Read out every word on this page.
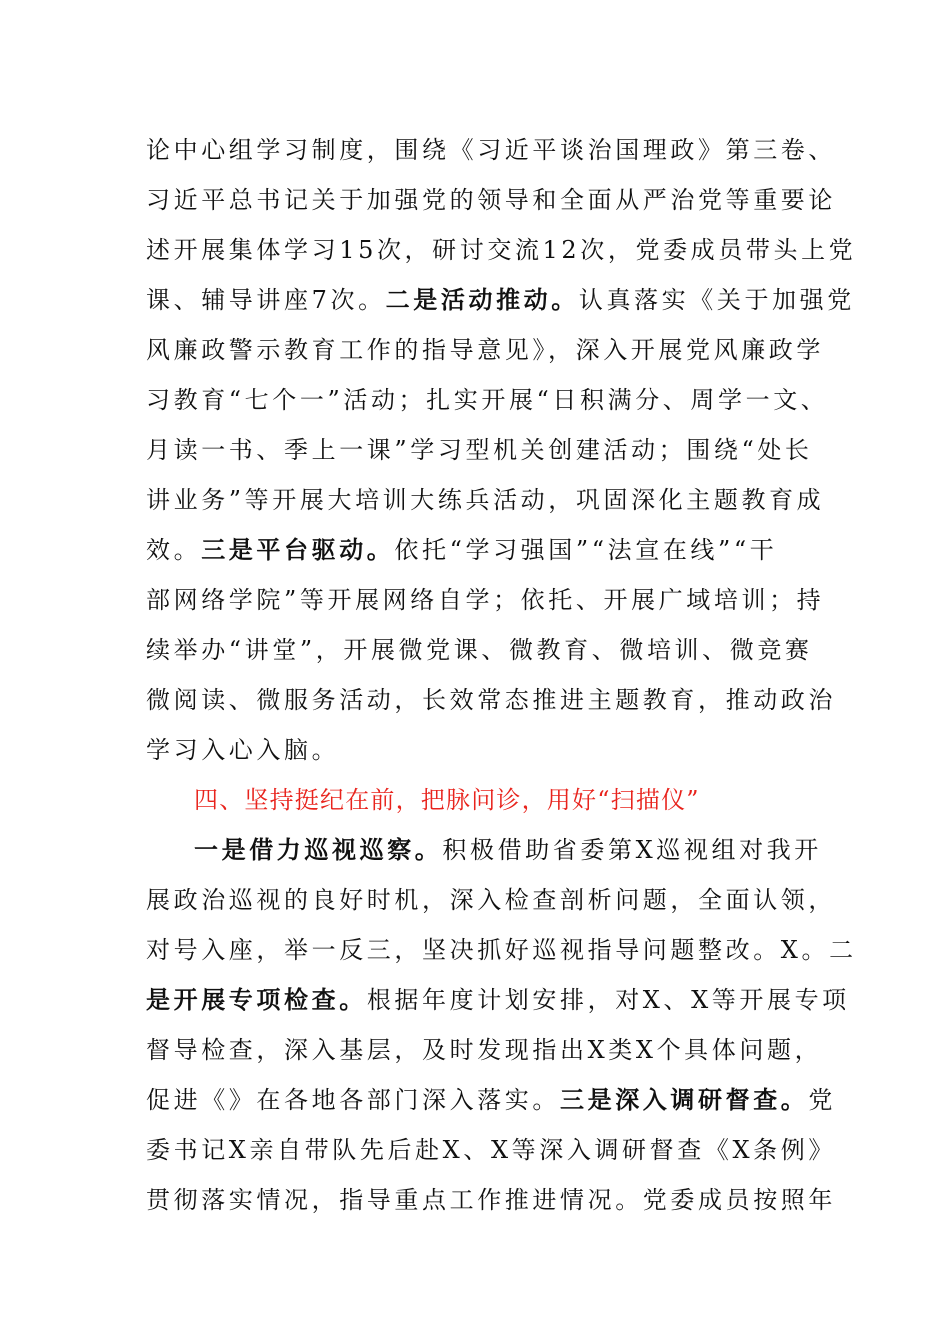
论中心组学习制度，围绕《习近平谈治国理政》第三卷、
习近平总书记关于加强党的领导和全面从严治党等重要论
述开展集体学习15次，研讨交流12次，党委成员带头上党
课、辅导讲座7次。二是活动推动。认真落实《关于加强党
风廉政警示教育工作的指导意见》，深入开展党风廉政学
习教育“七个一”活动；扎实开展“日积满分、周学一文、
月读一书、季上一课”学习型机关创建活动；围绕“处长
讲业务”等开展大培训大练兵活动，巩固深化主题教育成
效。三是平台驱动。依托“学习强国”“法宣在线”“干
部网络学院”等开展网络自学；依托、开展广域培训；持
续举办“讲堂”，开展微党课、微教育、微培训、微竞赛
微阅读、微服务活动，长效常态推进主题教育，推动政治
学习入心入脑。
四、坚持挺纪在前，把脉问诊，用好“扫描仪”
一是借力巡视巡察。积极借助省委第X巡视组对我开
展政治巡视的良好时机，深入检查剖析问题，全面认领，
对号入座，举一反三，坚决抓好巡视指导问题整改。X。二
是开展专项检查。根据年度计划安排，对X、X等开展专项
督导检查，深入基层，及时发现指出X类X个具体问题，
促进《》在各地各部门深入落实。三是深入调研督查。党
委书记X亲自带队先后赴X、X等深入调研督查《X条例》
贯彻落实情况，指导重点工作推进情况。党委成员按照年
